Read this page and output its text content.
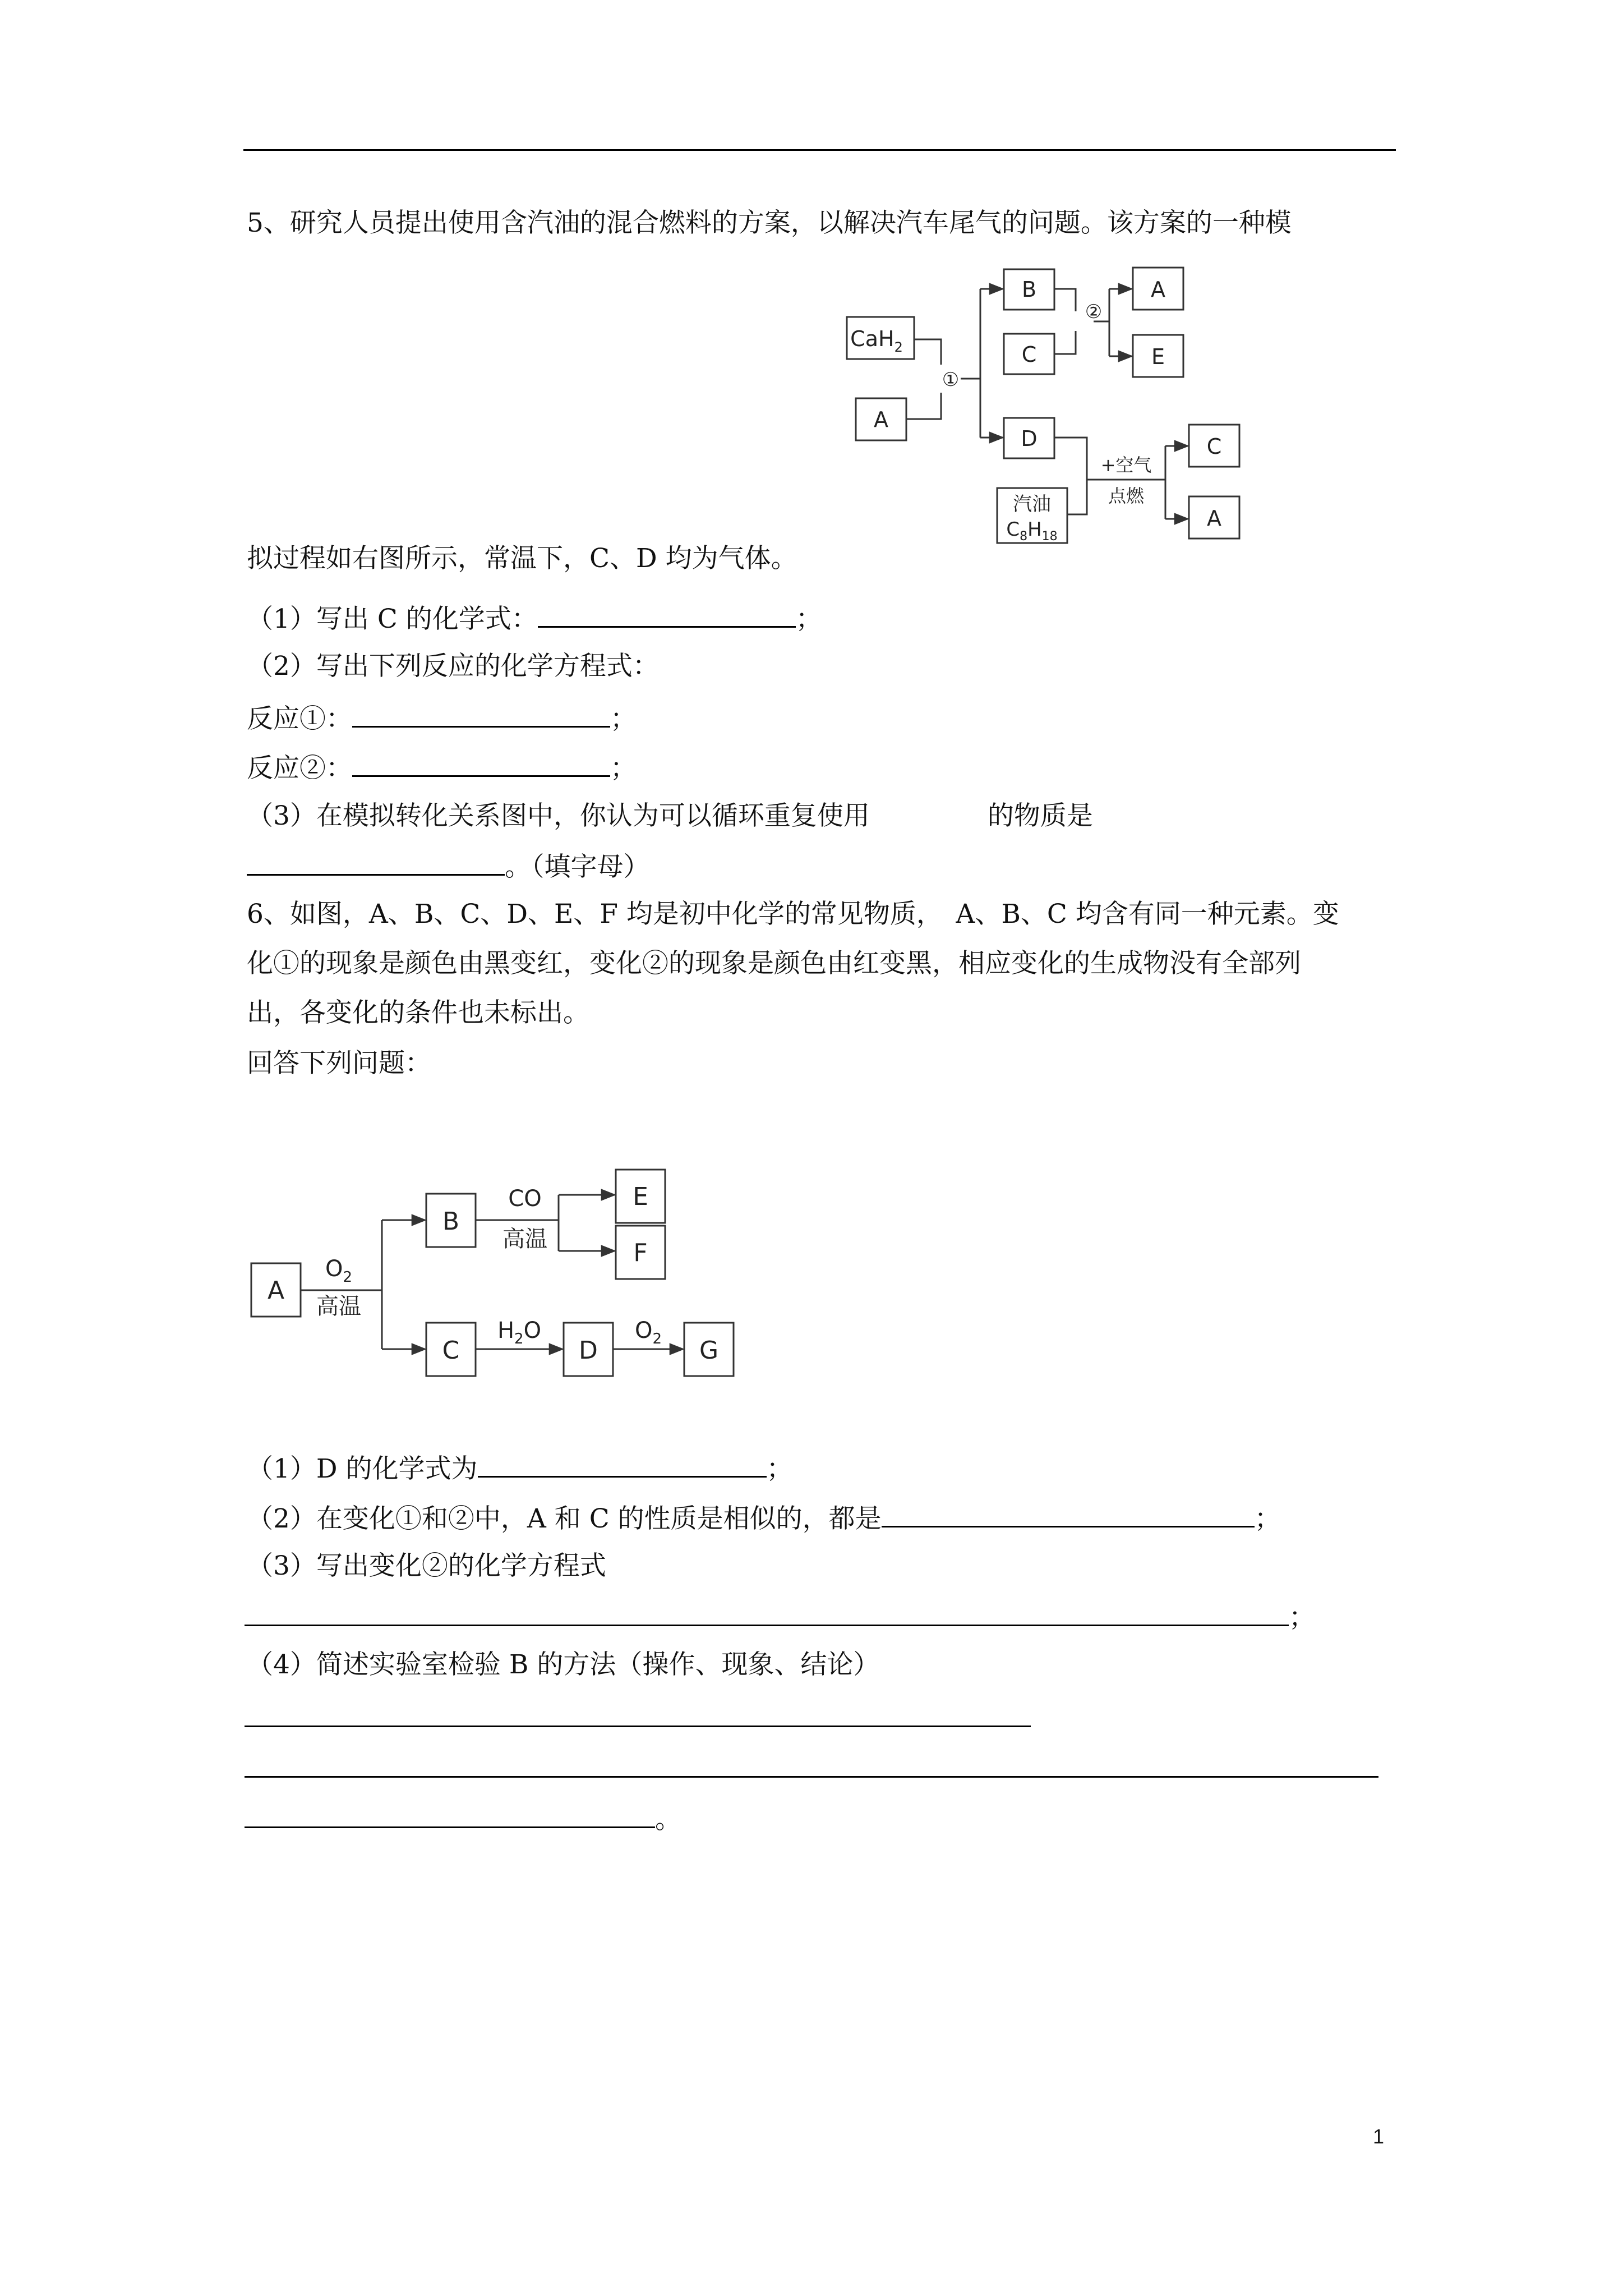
5、研究人员提出使用含汽油的混合燃料的方案，以解决汽车尾气的问题。该方案的一种模
CaH$_2$
A
①
B
C
D
②
A
E
汽油
$C_8H_{18}$
+空气
点燃
C
A
拟过程如右图所示，常温下，C、D 均为气体。
（1）写出 C 的化学式：	；
（2）写出下列反应的化学方程式：
反应①：	；
反应②：	；
（3）在模拟转化关系图中，你认为可以循环重复使用	的物质是
。（填字母）
6、如图，A、B、C、D、E、F 均是初中化学的常见物质，　A、B、C 均含有同一种元素。变
化①的现象是颜色由黑变红，变化②的现象是颜色由红变黑，相应变化的生成物没有全部列
出，各变化的条件也未标出。
回答下列问题：
A
$O_2$
高温
B
C
CO
高温
E
F
$H_2O$
D
$O_2$ G
（1）D 的化学式为	；
（2）在变化①和②中，A 和 C 的性质是相似的，都是	；
（3）写出变化②的化学方程式
；
（4）简述实验室检验 B 的方法（操作、现象、结论）
。
1
